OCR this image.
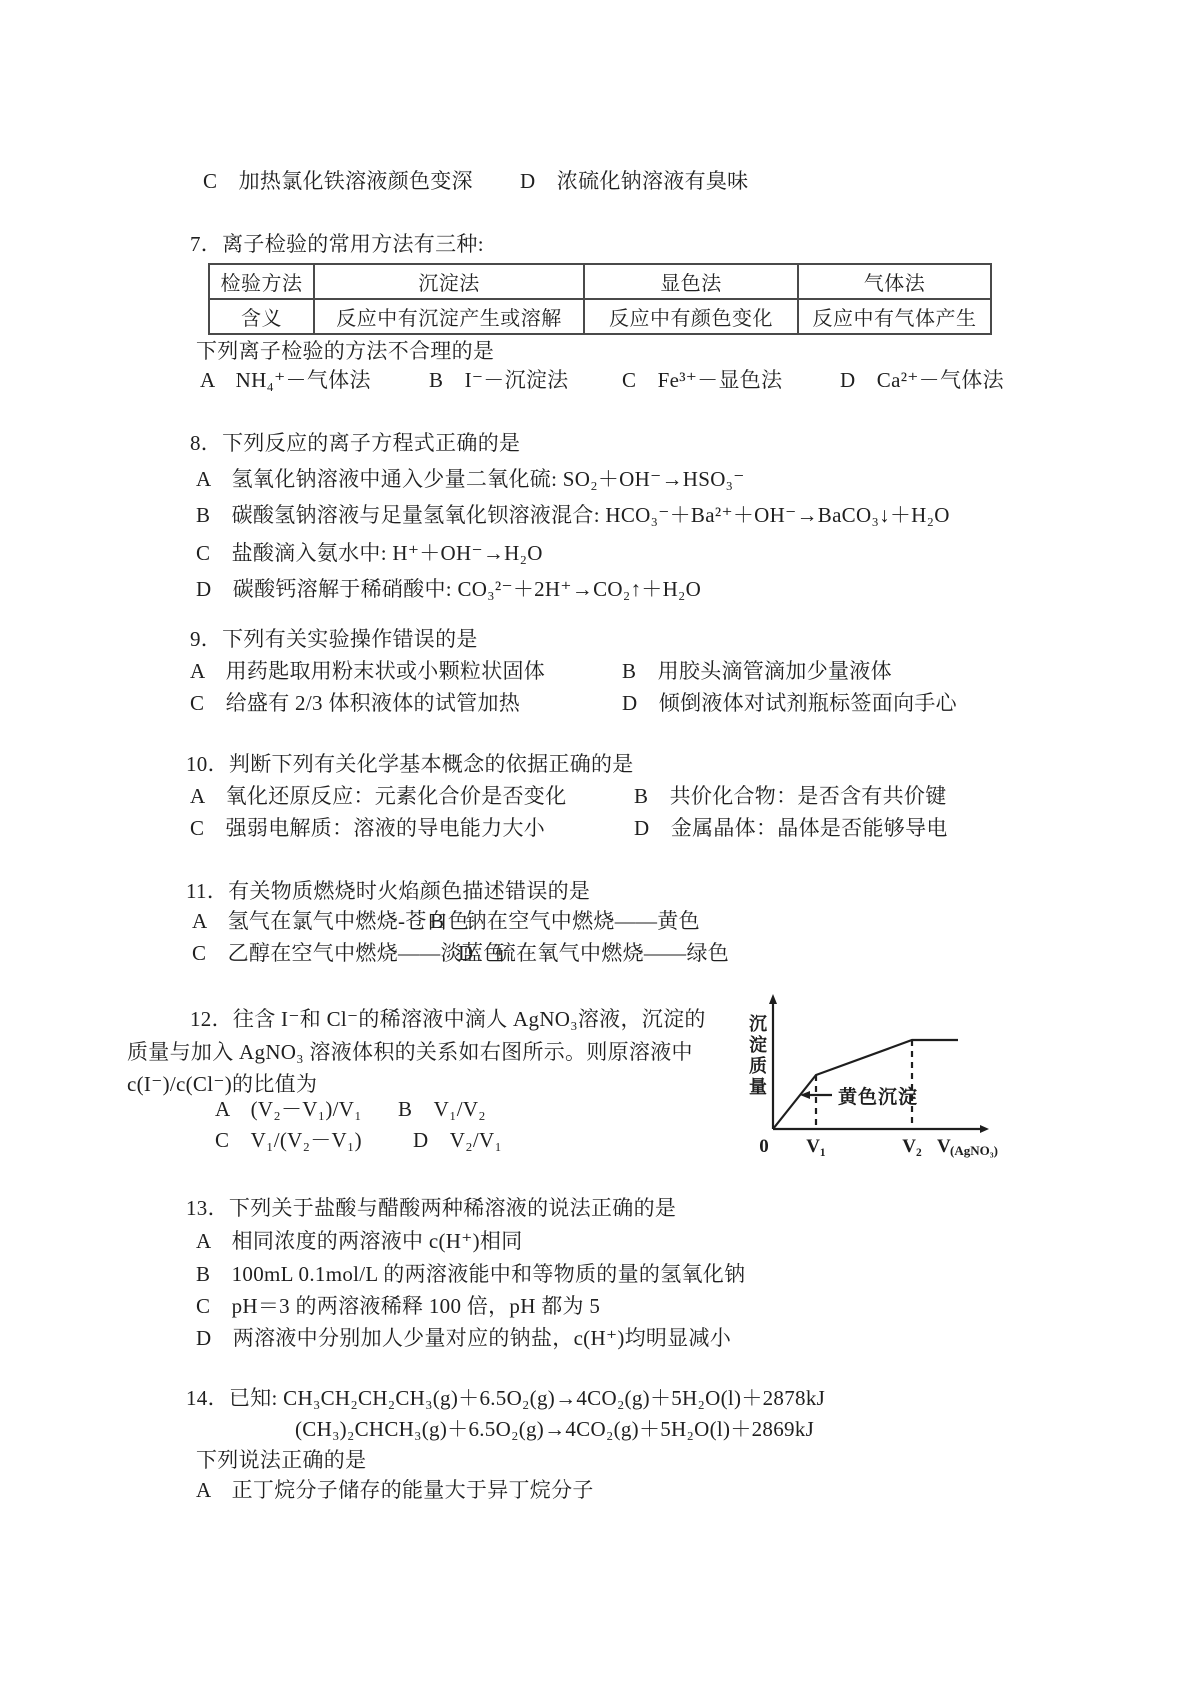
C　加热氯化铁溶液颜色变深 D　浓硫化钠溶液有臭味
7．离子检验的常用方法有三种:
检验方法	沉淀法	显色法	气体法
含义	反应中有沉淀产生或溶解	反应中有颜色变化	反应中有气体产生
下列离子检验的方法不合理的是
A　NH₄⁺－气体法	B　I⁻－沉淀法	C　Fe³⁺－显色法	D　Ca²⁺－气体法
8．下列反应的离子方程式正确的是
A　氢氧化钠溶液中通入少量二氧化硫: SO₂＋OH⁻→HSO₃⁻
B　碳酸氢钠溶液与足量氢氧化钡溶液混合: HCO₃⁻＋Ba²⁺＋OH⁻→BaCO₃↓＋H₂O
C　盐酸滴入氨水中: H⁺＋OH⁻→H₂O
D　碳酸钙溶解于稀硝酸中: CO₃²⁻＋2H⁺→CO₂↑＋H₂O
9．下列有关实验操作错误的是
A　用药匙取用粉末状或小颗粒状固体	B　用胶头滴管滴加少量液体
C　给盛有 2/3 体积液体的试管加热	D　倾倒液体对试剂瓶标签面向手心
10．判断下列有关化学基本概念的依据正确的是
A　氧化还原反应：元素化合价是否变化	B　共价化合物：是否含有共价键
C　强弱电解质：溶液的导电能力大小	D　金属晶体：晶体是否能够导电
11．有关物质燃烧时火焰颜色描述错误的是
A　氢气在氯气中燃烧-苍白色
B　钠在空气中燃烧——黄色
C　乙醇在空气中燃烧——淡蓝色
D　硫在氧气中燃烧——绿色
12．往含 I⁻和 Cl⁻的稀溶液中滴人 AgNO₃溶液，沉淀的
质量与加入 AgNO₃ 溶液体积的关系如右图所示。则原溶液中
c(I⁻)/c(Cl⁻)的比值为
A　(V₂－V₁)/V₁ B　V₁/V₂
C　V₁/(V₂－V₁) D　V₂/V₁
沉淀质量	黄色沉淀
0 V₁	V₂ V (AgNO₃)
13．下列关于盐酸与醋酸两种稀溶液的说法正确的是
A　相同浓度的两溶液中 c(H⁺)相同
B　100mL 0.1mol/L 的两溶液能中和等物质的量的氢氧化钠
C　pH＝3 的两溶液稀释 100 倍，pH 都为 5
D　两溶液中分别加人少量对应的钠盐，c(H⁺)均明显减小
14．已知: CH₃CH₂CH₂CH₃(g)＋6.5O₂(g)→4CO₂(g)＋5H₂O(l)＋2878kJ
(CH₃)₂CHCH₃(g)＋6.5O₂(g)→4CO₂(g)＋5H₂O(l)＋2869kJ
下列说法正确的是
A　正丁烷分子储存的能量大于异丁烷分子
